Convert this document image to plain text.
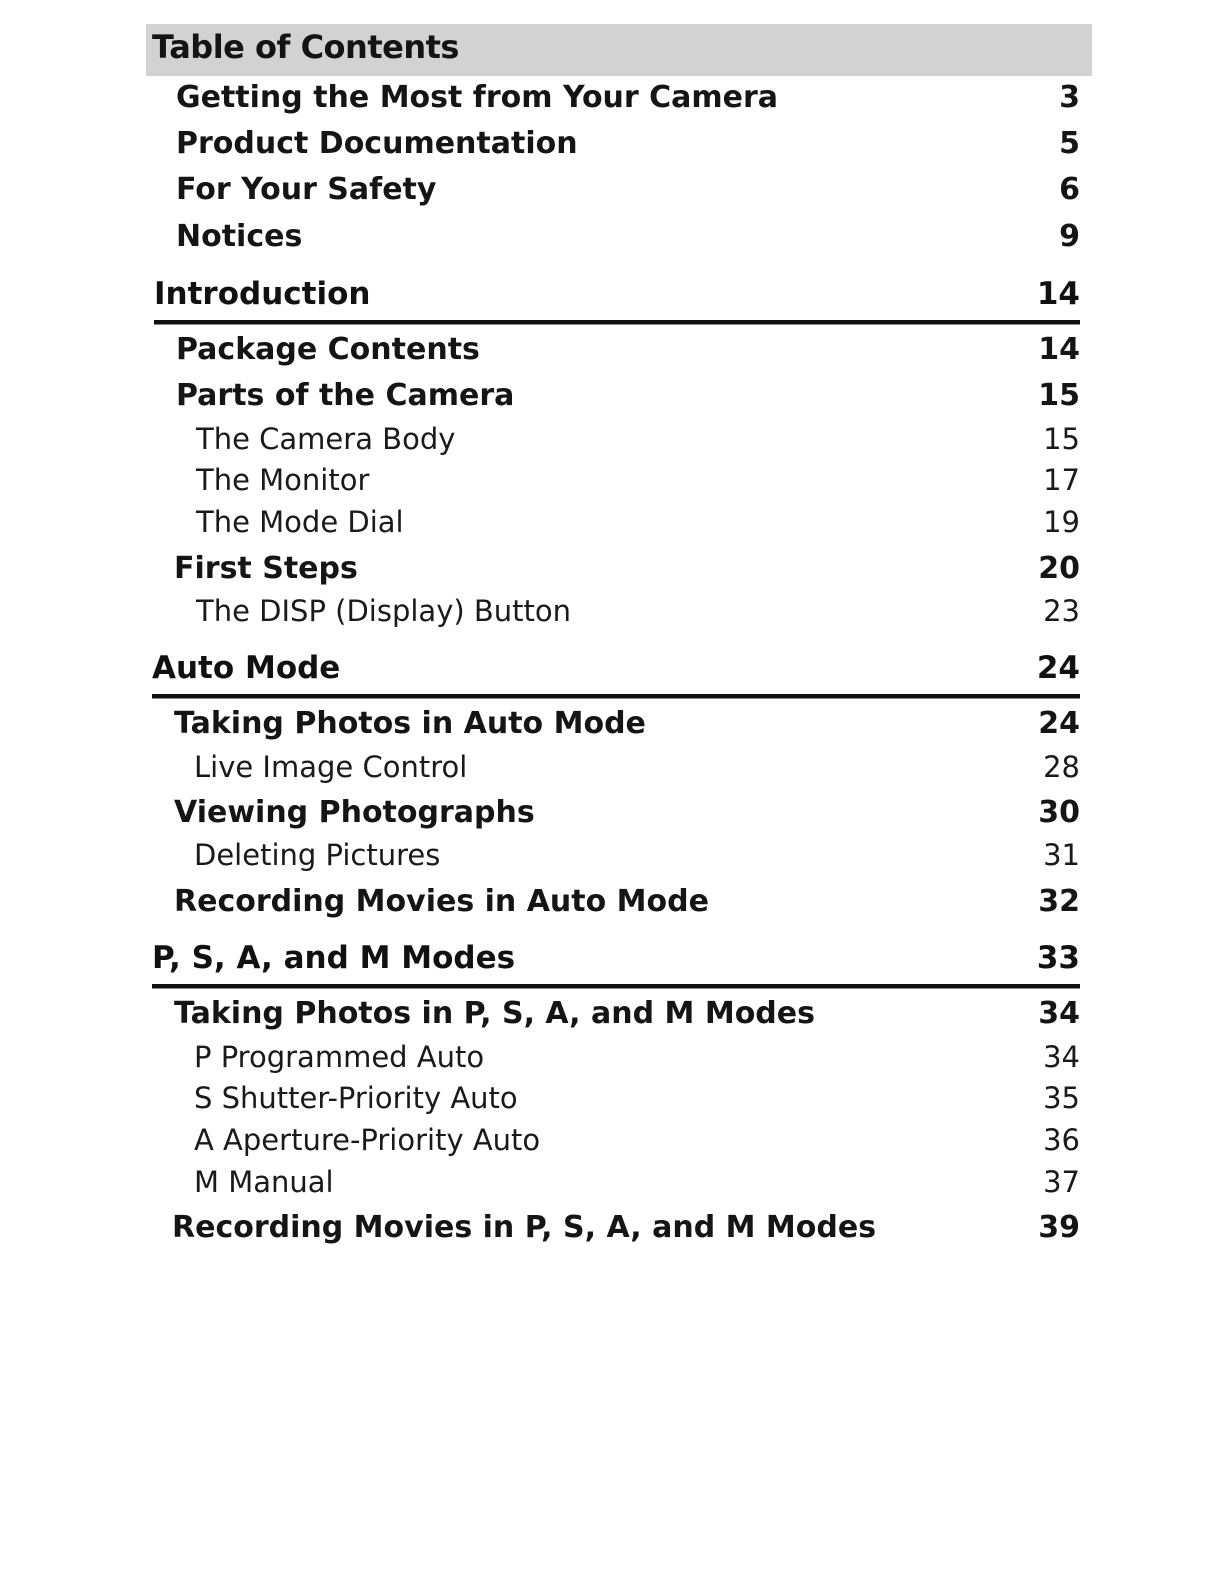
Table of Contents
Getting the Most from Your Camera	3
Product Documentation	5
For Your Safety	6
Notices	9
Introduction	14
Package Contents	14
Parts of the Camera	15
The Camera Body	15
The Monitor	17
The Mode Dial	19
First Steps	20
The DISP (Display) Button	23
Auto Mode	24
Taking Photos in Auto Mode	24
Live Image Control	28
Viewing Photographs	30
Deleting Pictures	31
Recording Movies in Auto Mode	32
P, S, A, and M Modes	33
Taking Photos in P, S, A, and M Modes	34
P Programmed Auto	34
S Shutter-Priority Auto	35
A Aperture-Priority Auto	36
M Manual	37
Recording Movies in P, S, A, and M Modes	39
